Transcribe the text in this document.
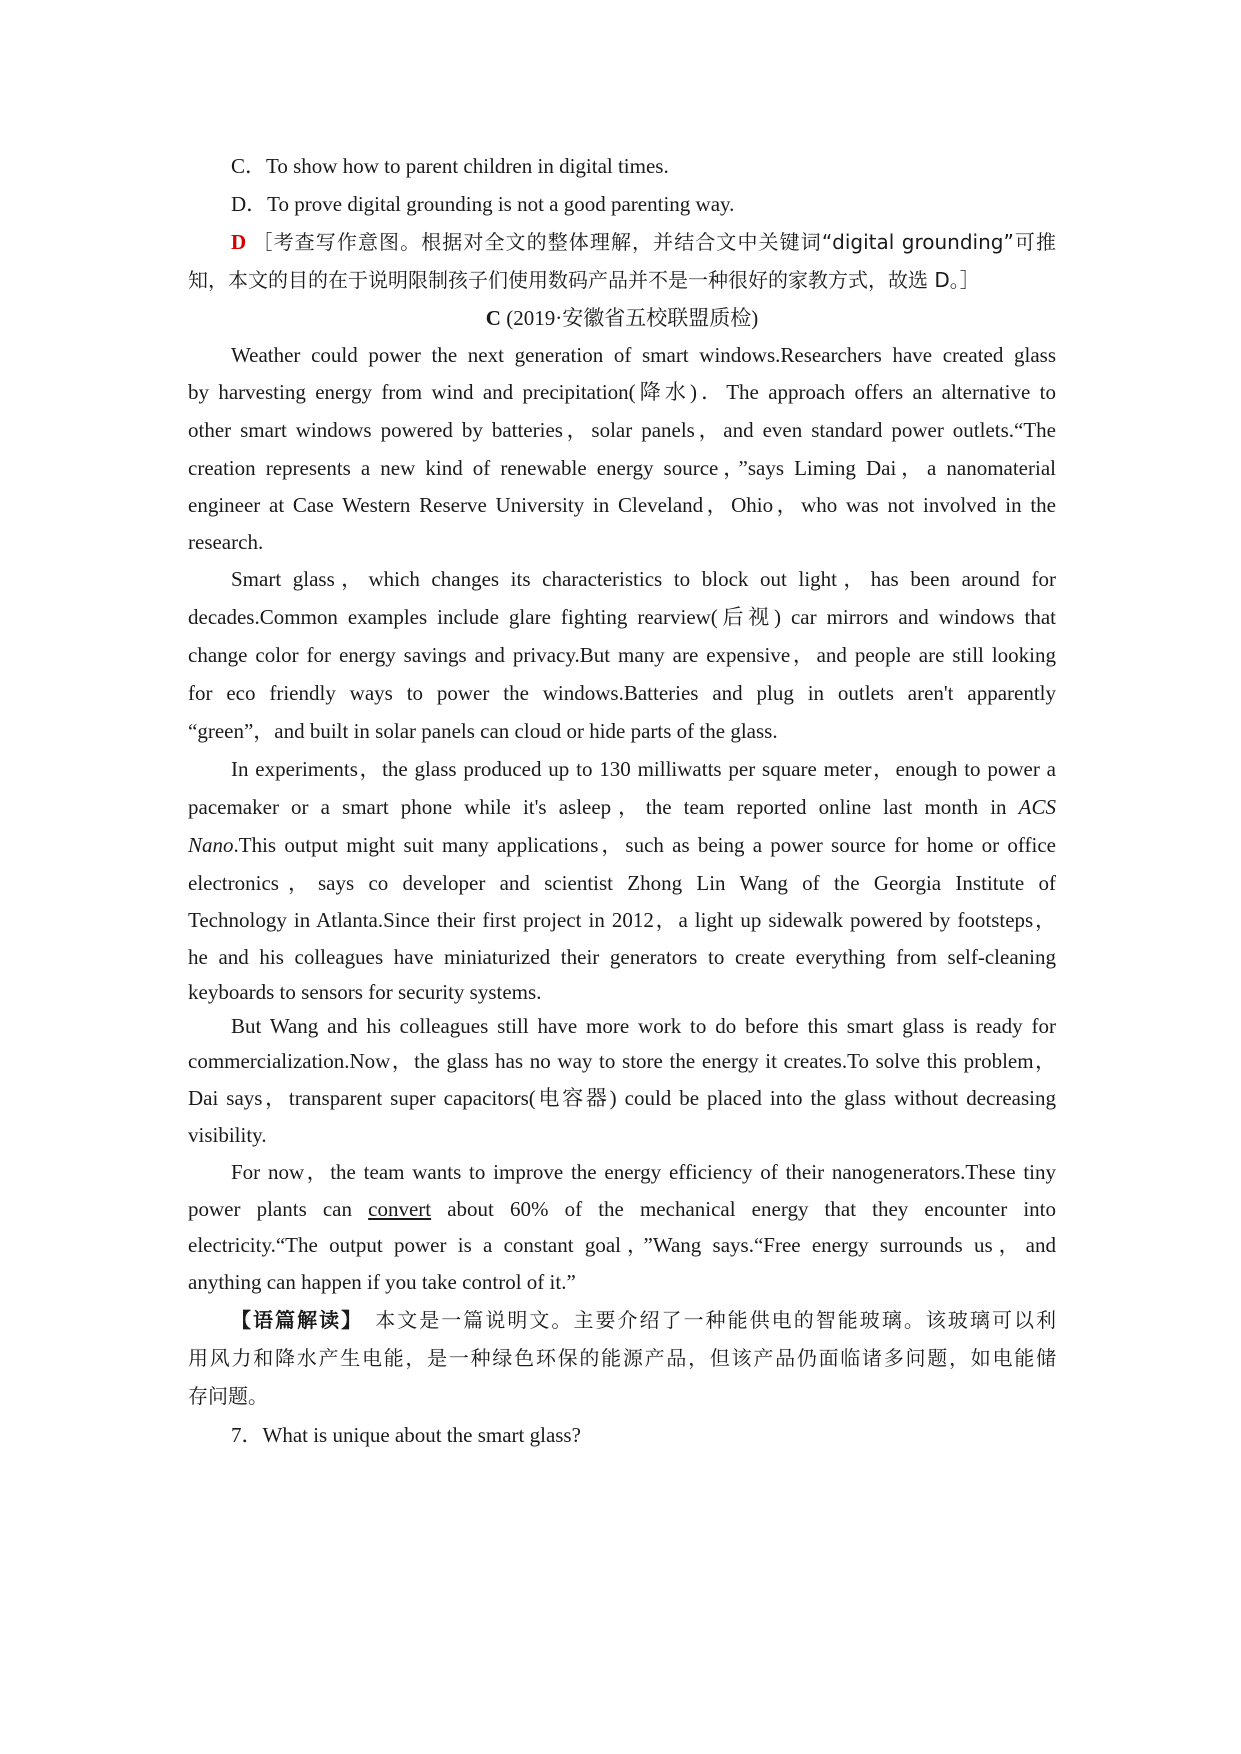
C．To show how to parent children in digital times.
D．To prove digital grounding is not a good parenting way.
D ［考查写作意图。根据对全文的整体理解，并结合文中关键词“digital grounding”可推
知，本文的目的在于说明限制孩子们使用数码产品并不是一种很好的家教方式，故选 D。］
C (2019·安徽省五校联盟质检)
Weather could power the next generation of smart windows.Researchers have created glass
by harvesting energy from wind and precipitation(降水)．The approach offers an alternative to
other smart windows powered by batteries，solar panels，and even standard power outlets.“The
creation represents a new kind of renewable energy source，”says Liming Dai，a nanomaterial
engineer at Case Western Reserve University in Cleveland，Ohio，who was not involved in the
research.
Smart glass，which changes its characteristics to block out light，has been around for
decades.Common examples include glare fighting rearview(后视) car mirrors and windows that
change color for energy savings and privacy.But many are expensive，and people are still looking
for eco friendly ways to power the windows.Batteries and plug in outlets aren't apparently
“green”，and built in solar panels can cloud or hide parts of the glass.
In experiments，the glass produced up to 130 milliwatts per square meter，enough to power a
pacemaker or a smart phone while it's asleep，the team reported online last month in ACS
Nano.This output might suit many applications，such as being a power source for home or office
electronics，says co developer and scientist Zhong Lin Wang of the Georgia Institute of
Technology in Atlanta.Since their first project in 2012，a light up sidewalk powered by footsteps，
he and his colleagues have miniaturized their generators to create everything from self-cleaning
keyboards to sensors for security systems.
But Wang and his colleagues still have more work to do before this smart glass is ready for
commercialization.Now，the glass has no way to store the energy it creates.To solve this problem，
Dai says，transparent super capacitors(电容器) could be placed into the glass without decreasing
visibility.
For now，the team wants to improve the energy efficiency of their nanogenerators.These tiny
power plants can convert about 60% of the mechanical energy that they encounter into
electricity.“The output power is a constant goal，”Wang says.“Free energy surrounds us，and
anything can happen if you take control of it.”
【语篇解读】　本文是一篇说明文。主要介绍了一种能供电的智能玻璃。该玻璃可以利
用风力和降水产生电能，是一种绿色环保的能源产品，但该产品仍面临诸多问题，如电能储
存问题。
7．What is unique about the smart glass?
